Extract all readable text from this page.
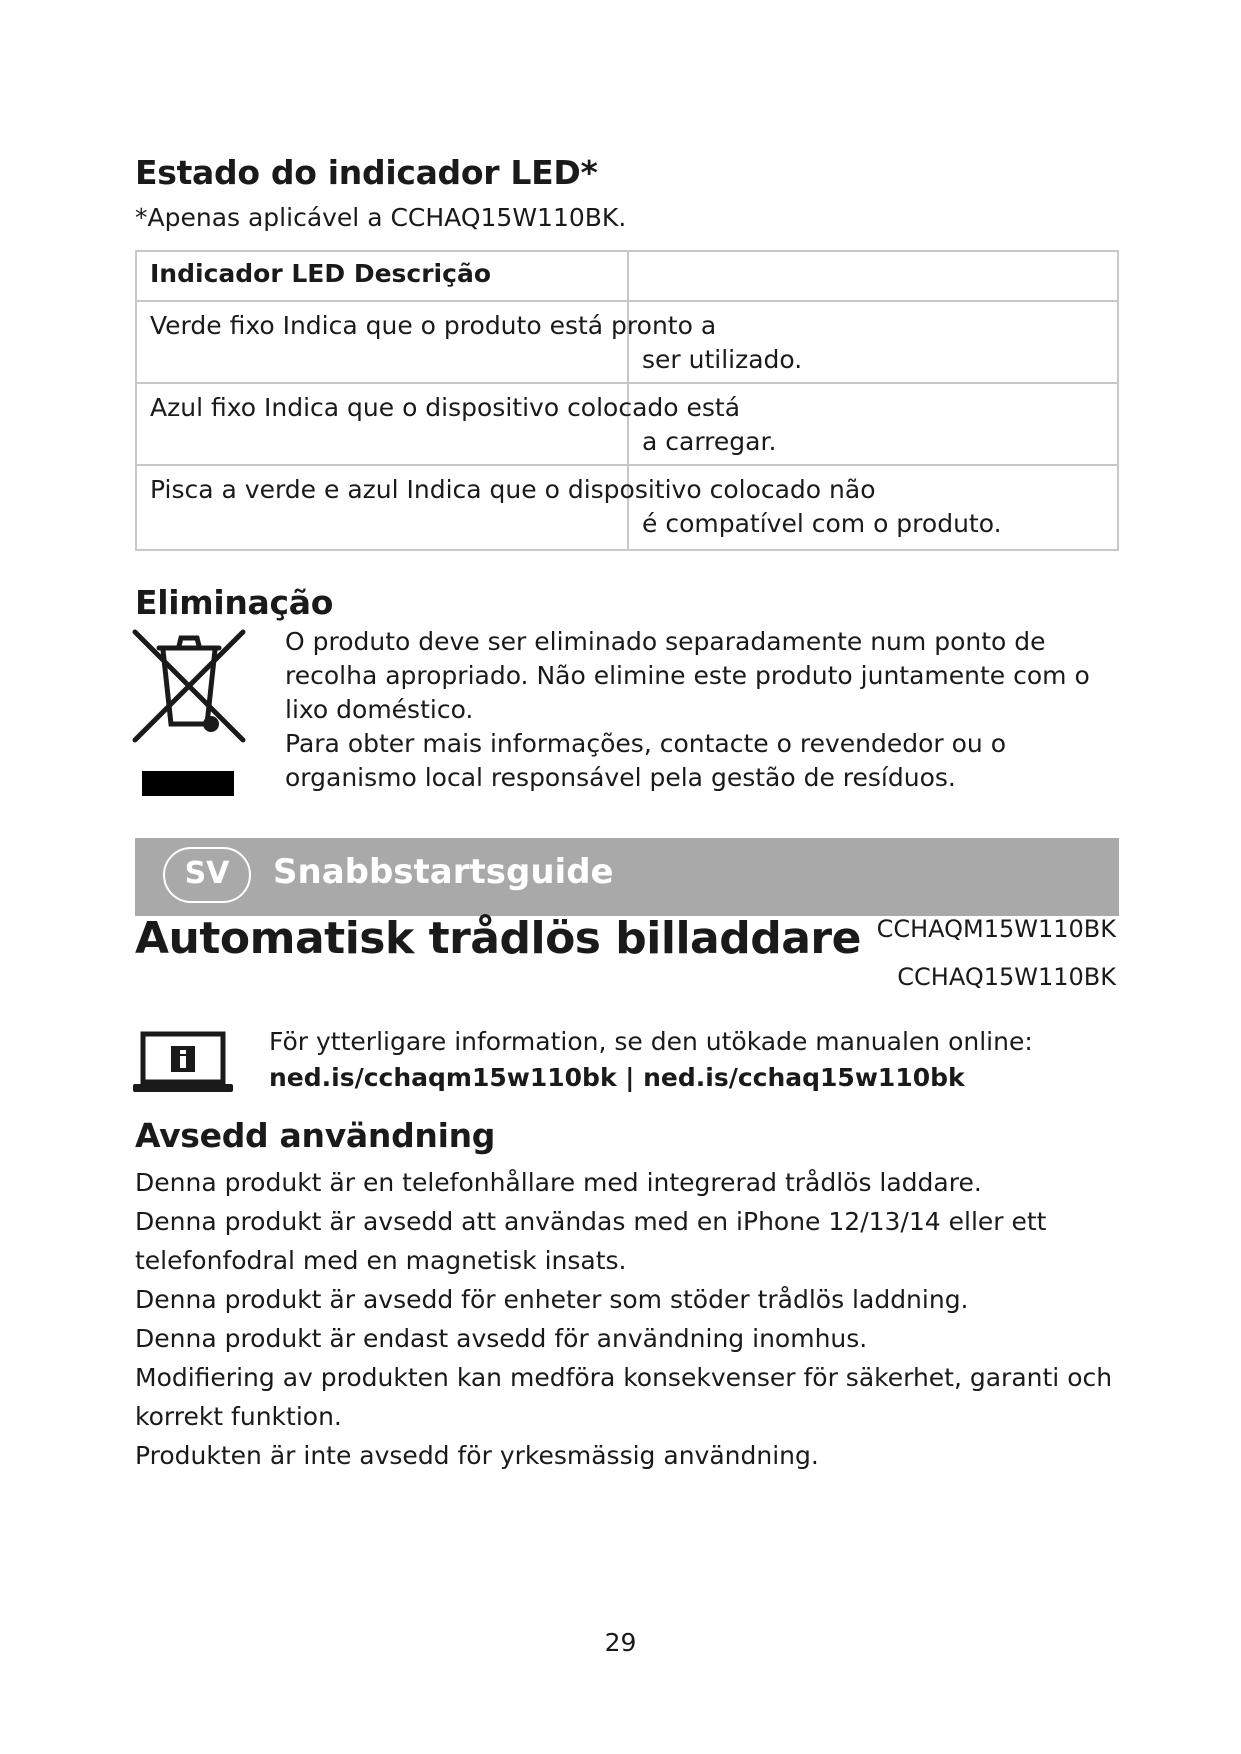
Estado do indicador LED*
*Apenas aplicável a CCHAQ15W110BK.
Indicador LED Descrição
Verde fixo Indica que o produto está pronto a
ser utilizado.
Azul fixo Indica que o dispositivo colocado está
a carregar.
Pisca a verde e azul Indica que o dispositivo colocado não
é compatível com o produto.
Eliminação
O produto deve ser eliminado separadamente num ponto de
recolha apropriado. Não elimine este produto juntamente com o
lixo doméstico.
Para obter mais informações, contacte o revendedor ou o
organismo local responsável pela gestão de resíduos.
SV	Snabbstartsguide
Automatisk trådlös billaddare CCHAQM15W110BK
CCHAQ15W110BK
För ytterligare information, se den utökade manualen online:
ned.is/cchaqm15w110bk | ned.is/cchaq15w110bk
Avsedd användning
Denna produkt är en telefonhållare med integrerad trådlös laddare.
Denna produkt är avsedd att användas med en iPhone 12/13/14 eller ett
telefonfodral med en magnetisk insats.
Denna produkt är avsedd för enheter som stöder trådlös laddning.
Denna produkt är endast avsedd för användning inomhus.
Modifiering av produkten kan medföra konsekvenser för säkerhet, garanti och
korrekt funktion.
Produkten är inte avsedd för yrkesmässig användning.
29
